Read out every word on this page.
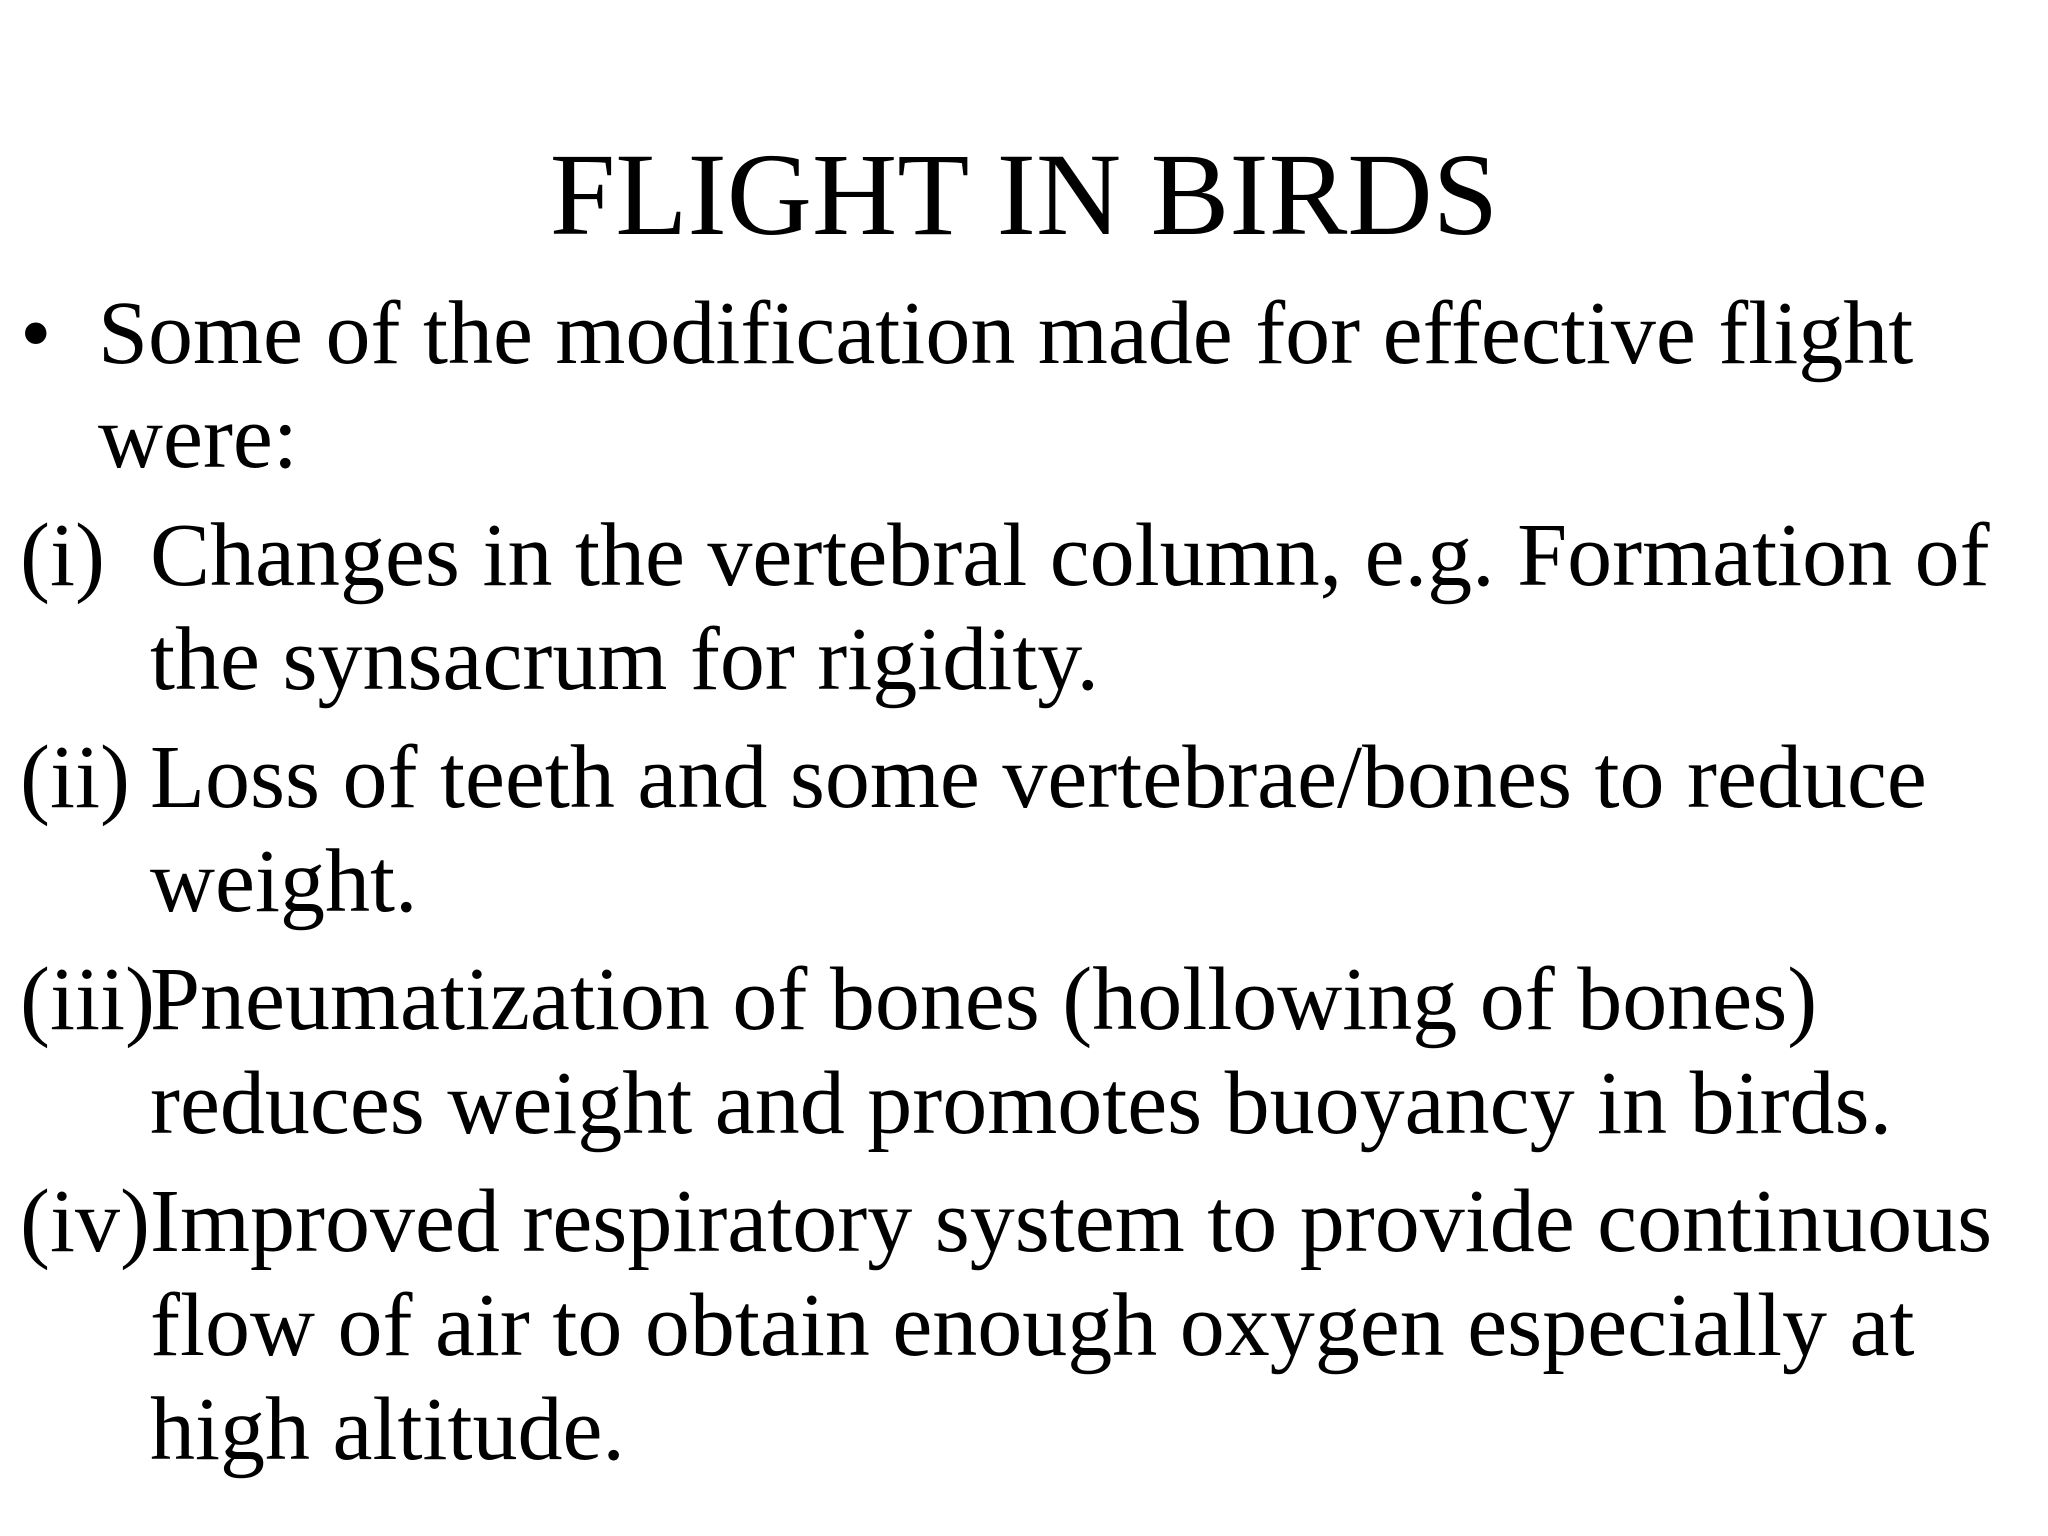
FLIGHT IN BIRDS
• Some of the modification made for effective flight
were:
(i) Changes in the vertebral column, e.g. Formation of
the synsacrum for rigidity.
(ii) Loss of teeth and some vertebrae/bones to reduce
weight.
(iii)
Pneumatization of bones (hollowing of bones)
reduces weight and promotes buoyancy in birds.
(iv) Improved respiratory system to provide continuous
flow of air to obtain enough oxygen especially at
high altitude.
